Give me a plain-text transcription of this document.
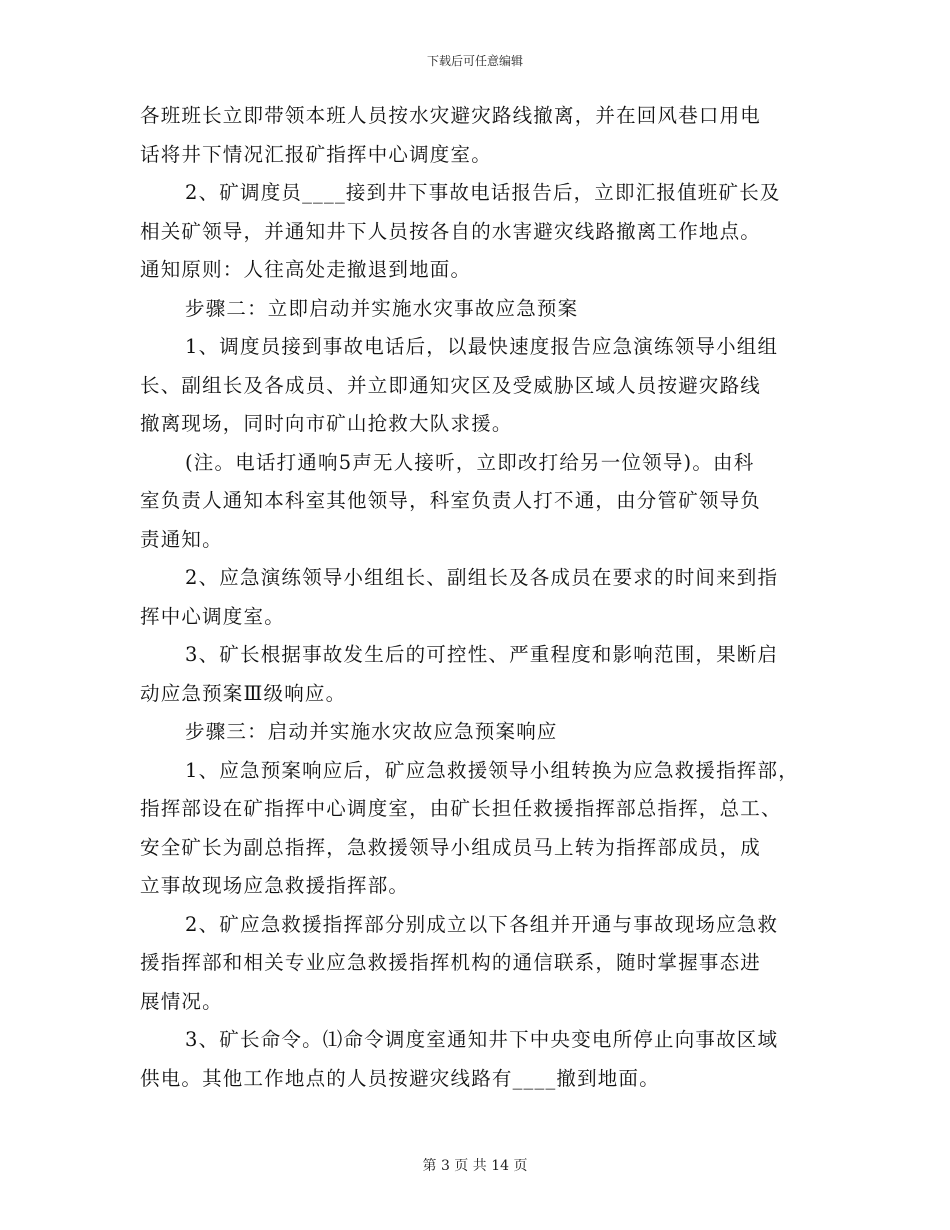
下载后可任意编辑
各班班长立即带领本班人员按水灾避灾路线撤离，并在回风巷口用电
话将井下情况汇报矿指挥中心调度室。
2、矿调度员____接到井下事故电话报告后，立即汇报值班矿长及
相关矿领导，并通知井下人员按各自的水害避灾线路撤离工作地点。
通知原则：人往高处走撤退到地面。
步骤二：立即启动并实施水灾事故应急预案
1、调度员接到事故电话后，以最快速度报告应急演练领导小组组
长、副组长及各成员、并立即通知灾区及受威胁区域人员按避灾路线
撤离现场，同时向市矿山抢救大队求援。
(注。电话打通响5声无人接听，立即改打给另一位领导)。由科
室负责人通知本科室其他领导，科室负责人打不通，由分管矿领导负
责通知。
2、应急演练领导小组组长、副组长及各成员在要求的时间来到指
挥中心调度室。
3、矿长根据事故发生后的可控性、严重程度和影响范围，果断启
动应急预案Ⅲ级响应。
步骤三：启动并实施水灾故应急预案响应
1、应急预案响应后，矿应急救援领导小组转换为应急救援指挥部，
指挥部设在矿指挥中心调度室，由矿长担任救援指挥部总指挥，总工、
安全矿长为副总指挥，急救援领导小组成员马上转为指挥部成员，成
立事故现场应急救援指挥部。
2、矿应急救援指挥部分别成立以下各组并开通与事故现场应急救
援指挥部和相关专业应急救援指挥机构的通信联系，随时掌握事态进
展情况。
3、矿长命令。⑴命令调度室通知井下中央变电所停止向事故区域
供电。其他工作地点的人员按避灾线路有____撤到地面。
第 3 页 共 14 页
